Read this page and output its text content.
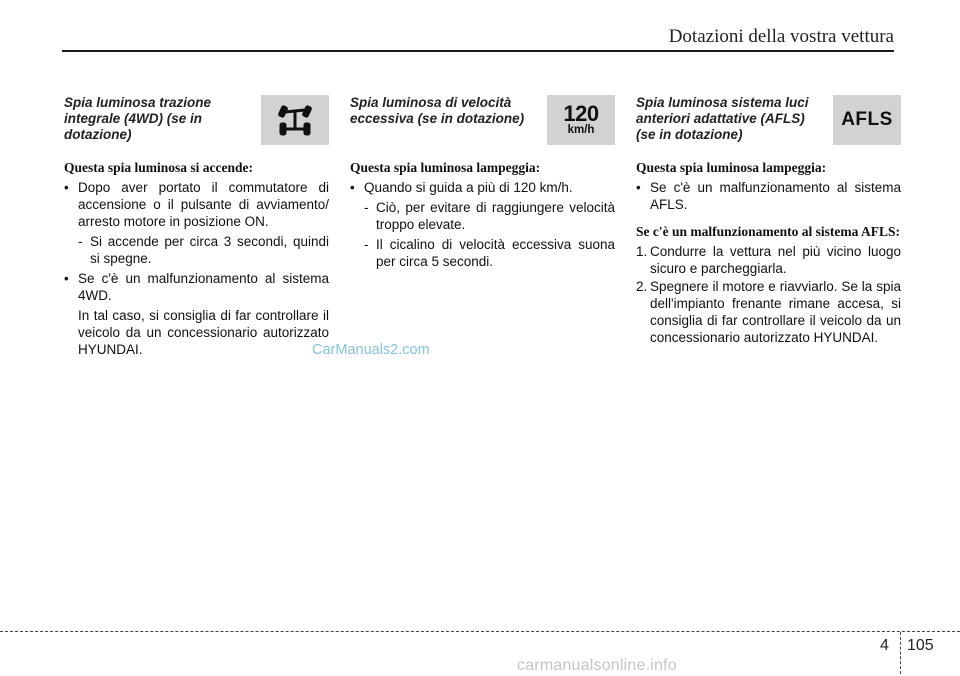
Dotazioni della vostra vettura
Spia luminosa trazione integrale (4WD) (se in dotazione)
Questa spia luminosa si accende:
• Dopo aver portato il commutatore di accensione o il pulsante di avviamento/ arresto motore in posizione ON.
- Si accende per circa 3 secondi, quindi si spegne.
• Se c'è un malfunzionamento al sistema 4WD.
In tal caso, si consiglia di far controllare il veicolo da un concessionario autorizzato HYUNDAI.
Spia luminosa di velocità eccessiva (se in dotazione)	120
km/h
Questa spia luminosa lampeggia:
• Quando si guida a più di 120 km/h.
- Ciò, per evitare di raggiungere velocità troppo elevate.
- Il cicalino di velocità eccessiva suona per circa 5 secondi.
Spia luminosa sistema luci anteriori adattative (AFLS) (se in dotazione)
AFLS
Questa spia luminosa lampeggia:
• Se c'è un malfunzionamento al sistema AFLS.
Se c'è un malfunzionamento al sistema AFLS:
1. Condurre la vettura nel più vicino luogo sicuro e parcheggiarla.
2. Spegnere il motore e riavviarlo. Se la spia dell'impianto frenante rimane accesa, si consiglia di far controllare il veicolo da un concessionario autorizzato HYUNDAI.
CarManuals2.com
4 105
carmanualsonline.info
